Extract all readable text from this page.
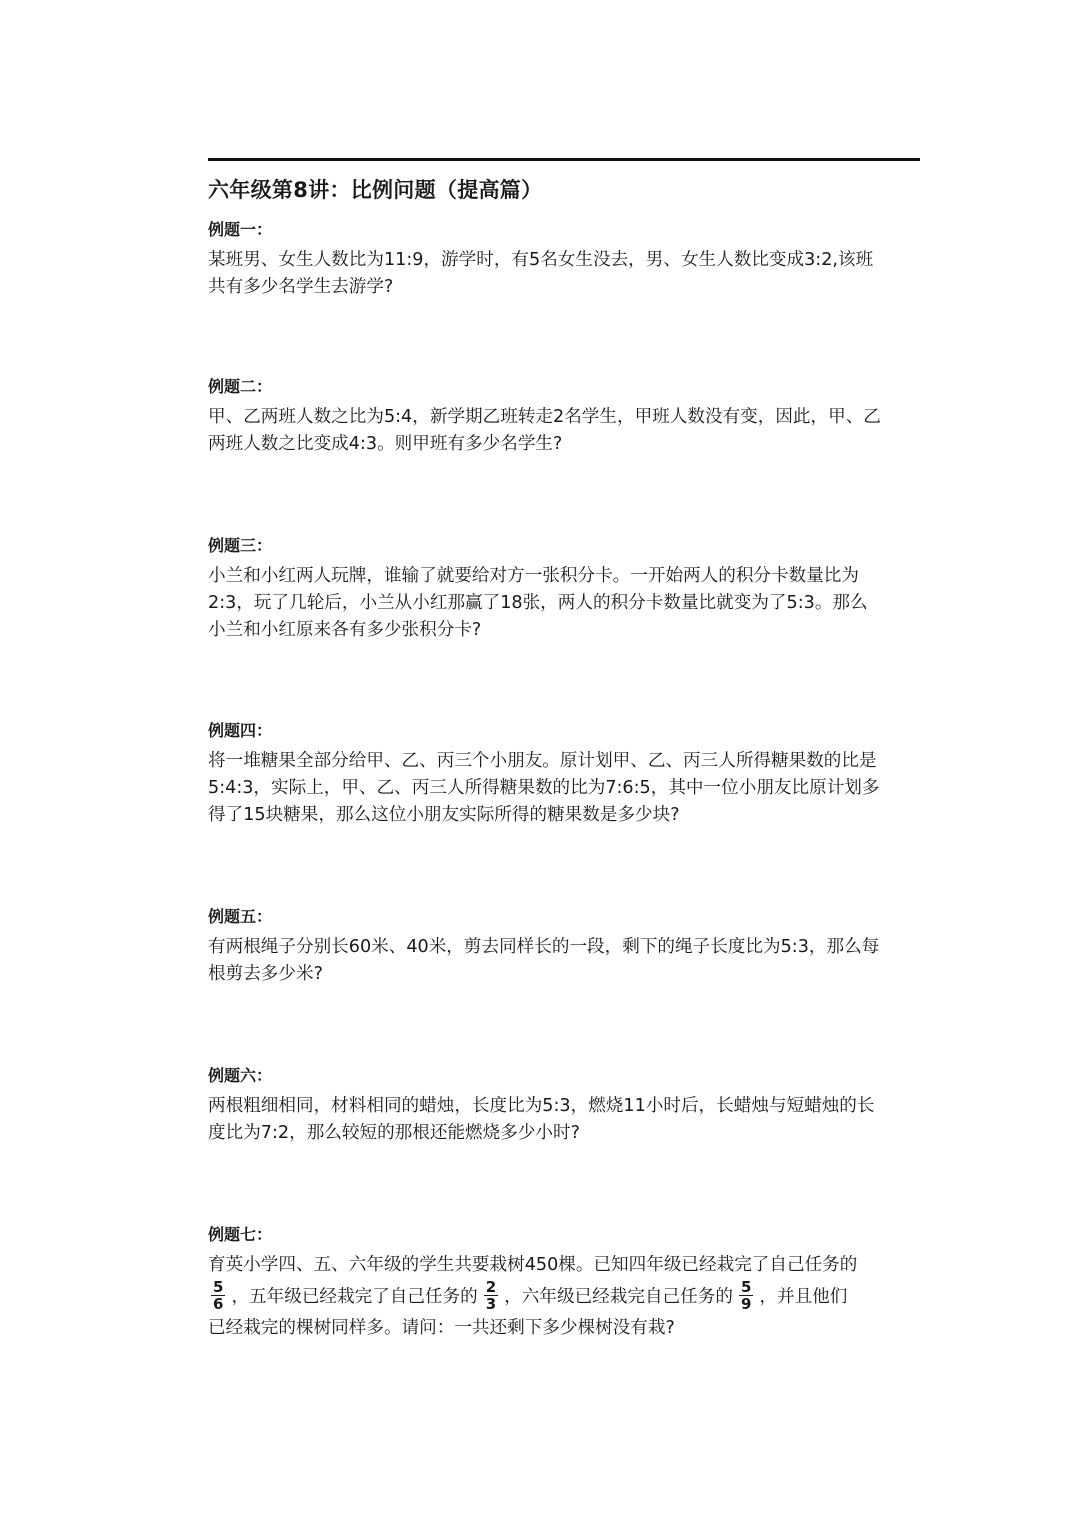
六年级第8讲：比例问题（提高篇）
例题一：

某班男、女生人数比为11:9，游学时，有5名女生没去，男、女生人数比变成3:2,该班

共有多少名学生去游学?

例题二：

甲、乙两班人数之比为5:4，新学期乙班转走2名学生，甲班人数没有变，因此，甲、乙

两班人数之比变成4:3。则甲班有多少名学生?

例题三：

小兰和小红两人玩牌，谁输了就要给对方一张积分卡。一开始两人的积分卡数量比为

2:3，玩了几轮后，小兰从小红那赢了18张，两人的积分卡数量比就变为了5:3。那么

小兰和小红原来各有多少张积分卡?

例题四：

将一堆糖果全部分给甲、乙、丙三个小朋友。原计划甲、乙、丙三人所得糖果数的比是

5:4:3，实际上，甲、乙、丙三人所得糖果数的比为7:6:5，其中一位小朋友比原计划多

得了15块糖果，那么这位小朋友实际所得的糖果数是多少块?

例题五：

有两根绳子分别长60米、40米，剪去同样长的一段，剩下的绳子长度比为5:3，那么每

根剪去多少米?

例题六：

两根粗细相同，材料相同的蜡烛，长度比为5:3，燃烧11小时后，长蜡烛与短蜡烛的长

度比为7:2，那么较短的那根还能燃烧多少小时?

例题七：

育英小学四、五、六年级的学生共要栽树450棵。已知四年级已经栽完了自己任务的

$\frac{5}{6}$ ，五年级已经栽完了自己任务的 $\frac{2}{3}$ ，六年级已经栽完自己任务的 $\frac{5}{9}$ ，并且他们

已经栽完的棵树同样多。请问：一共还剩下多少棵树没有栽?
